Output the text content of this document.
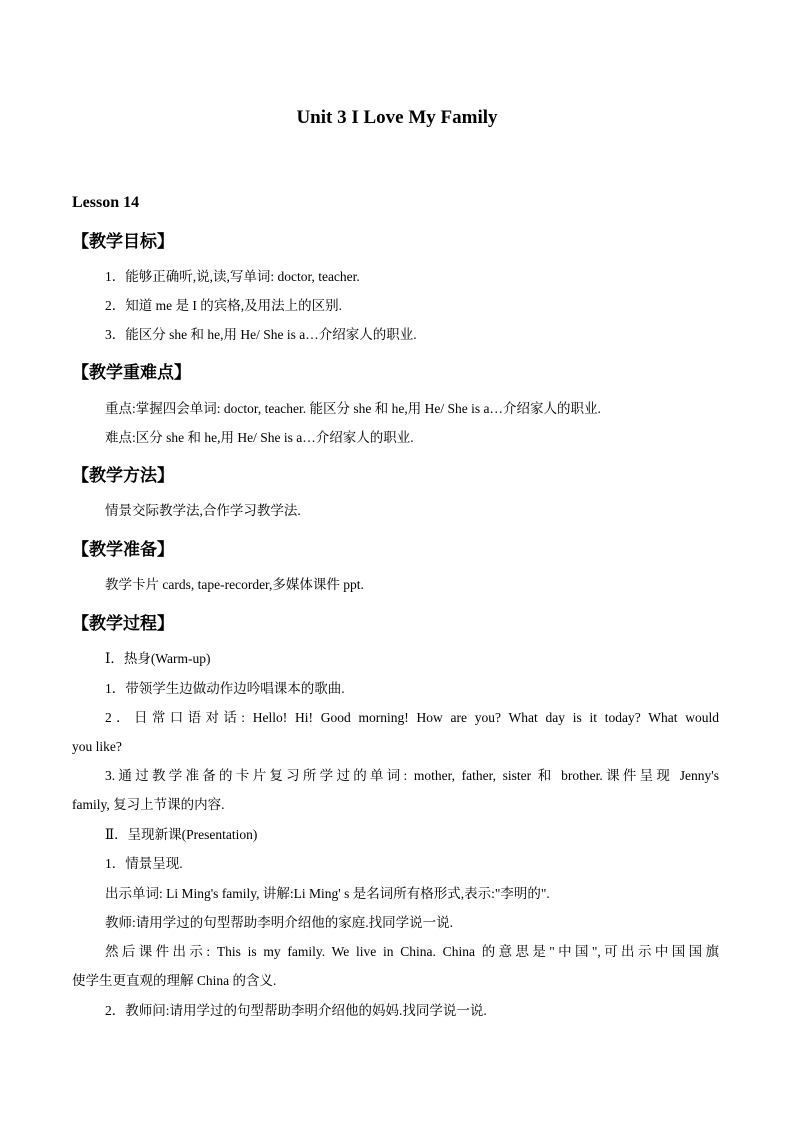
Unit 3 I Love My Family
Lesson 14
【教学目标】
1．能够正确听,说,读,写单词: doctor, teacher.
2．知道 me 是 I 的宾格,及用法上的区别.
3．能区分 she 和 he,用 He/ She is a…介绍家人的职业.
【教学重难点】
重点:掌握四会单词: doctor, teacher. 能区分 she 和 he,用 He/ She is a…介绍家人的职业.
难点:区分 she 和 he,用 He/ She is a…介绍家人的职业.
【教学方法】
情景交际教学法,合作学习教学法.
【教学准备】
教学卡片 cards, tape-recorder,多媒体课件 ppt.
【教学过程】
Ⅰ．热身(Warm-up)
1．带领学生边做动作边吟唱课本的歌曲.
2．日常口语对话: Hello! Hi! Good morning! How are you? What day is it today? What would
you like?
3.通过教学准备的卡片复习所学过的单词: mother, father, sister 和 brother.课件呈现 Jenny's
family, 复习上节课的内容.
Ⅱ．呈现新课(Presentation)
1．情景呈现.
出示单词: Li Ming's family, 讲解:Li Ming' s 是名词所有格形式,表示:"李明的".
教师:请用学过的句型帮助李明介绍他的家庭.找同学说一说.
然后课件出示: This is my family. We live in China. China 的意思是"中国",可出示中国国旗
使学生更直观的理解 China 的含义.
2．教师问:请用学过的句型帮助李明介绍他的妈妈.找同学说一说.
